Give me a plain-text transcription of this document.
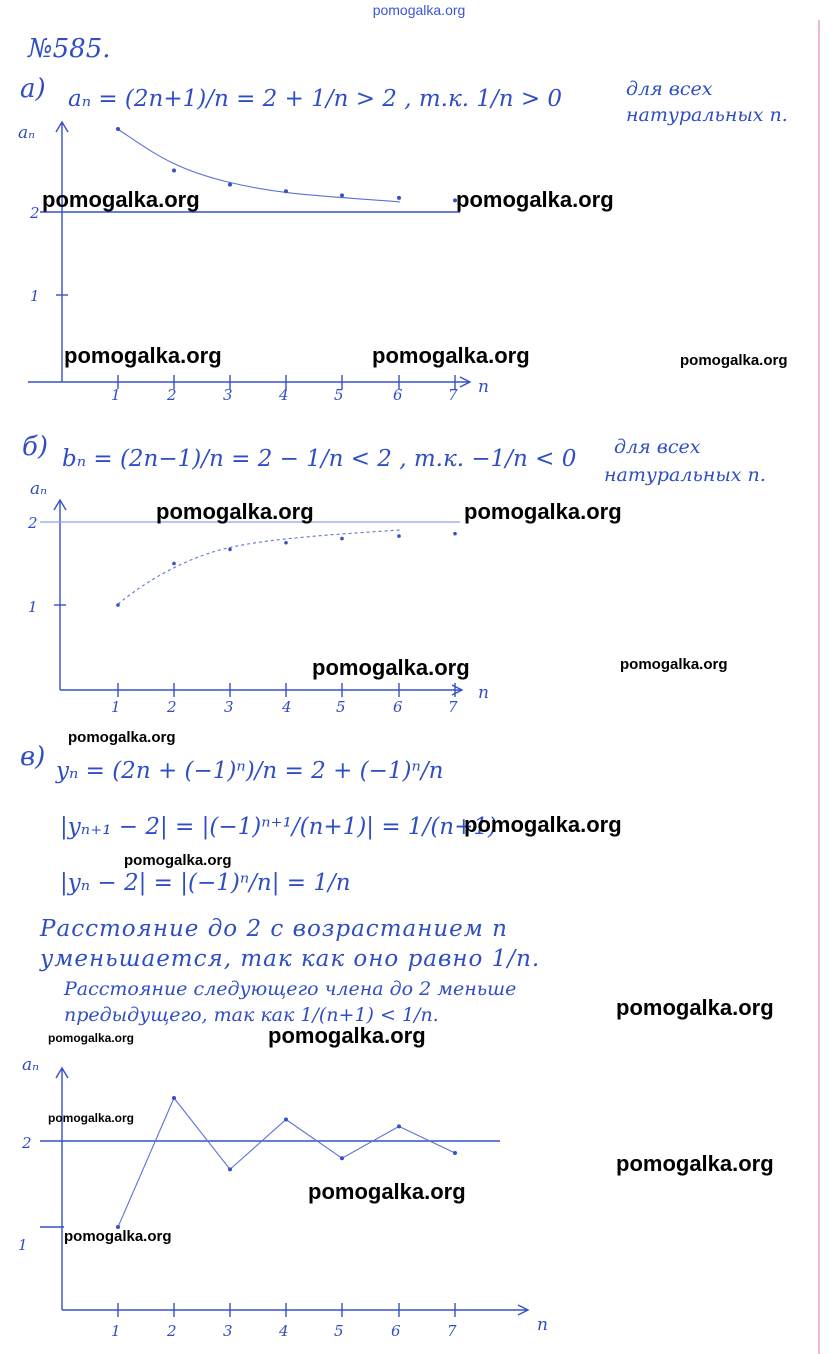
pomogalka.org
№585.
а) aₙ = (2n+1)/n = 2 + 1/n > 2 , т.к. 1/n > 0	для всех
натуральных n.
aₙ
2
1
n
1	2	3	4	5	6	7
aₙ
2
1
n
1	2	3	4	5	6	7
aₙ
2
1
n
1	2	3	4	5	6	7
б) bₙ = (2n−1)/n = 2 − 1/n < 2 , т.к. −1/n < 0 для всех
натуральных n.
в) yₙ = (2n + (−1)ⁿ)/n = 2 + (−1)ⁿ/n
|yₙ₊₁ − 2| = |(−1)ⁿ⁺¹/(n+1)| = 1/(n+1)
|yₙ − 2| = |(−1)ⁿ/n| = 1/n
Расстояние до 2 с возрастанием n
уменьшается, так как оно равно 1/n.
Расстояние следующего члена до 2 меньше
предыдущего, так как 1/(n+1) < 1/n.
pomogalka.org	pomogalka.org
pomogalka.org	pomogalka.org	pomogalka.org
pomogalka.org	pomogalka.org
pomogalka.org	pomogalka.org
pomogalka.org
pomogalka.org
pomogalka.org
pomogalka.org
pomogalka.org	pomogalka.org
pomogalka.org
pomogalka.org
pomogalka.org
pomogalka.org
